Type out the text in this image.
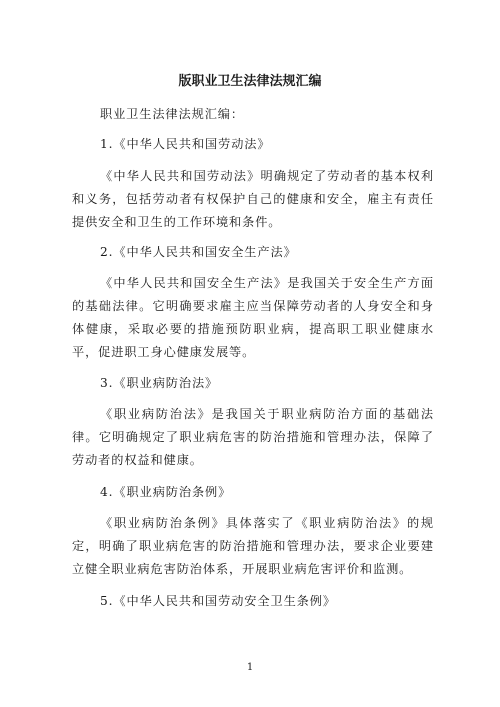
版职业卫生法律法规汇编

职业卫生法律法规汇编：

1.《中华人民共和国劳动法》

《中华人民共和国劳动法》明确规定了劳动者的基本权利和义务，包括劳动者有权保护自己的健康和安全，雇主有责任提供安全和卫生的工作环境和条件。

2.《中华人民共和国安全生产法》

《中华人民共和国安全生产法》是我国关于安全生产方面的基础法律。它明确要求雇主应当保障劳动者的人身安全和身体健康，采取必要的措施预防职业病，提高职工职业健康水平，促进职工身心健康发展等。

3.《职业病防治法》

《职业病防治法》是我国关于职业病防治方面的基础法律。它明确规定了职业病危害的防治措施和管理办法，保障了劳动者的权益和健康。

4.《职业病防治条例》

《职业病防治条例》具体落实了《职业病防治法》的规定，明确了职业病危害的防治措施和管理办法，要求企业要建立健全职业病危害防治体系，开展职业病危害评价和监测。

5.《中华人民共和国劳动安全卫生条例》

1
